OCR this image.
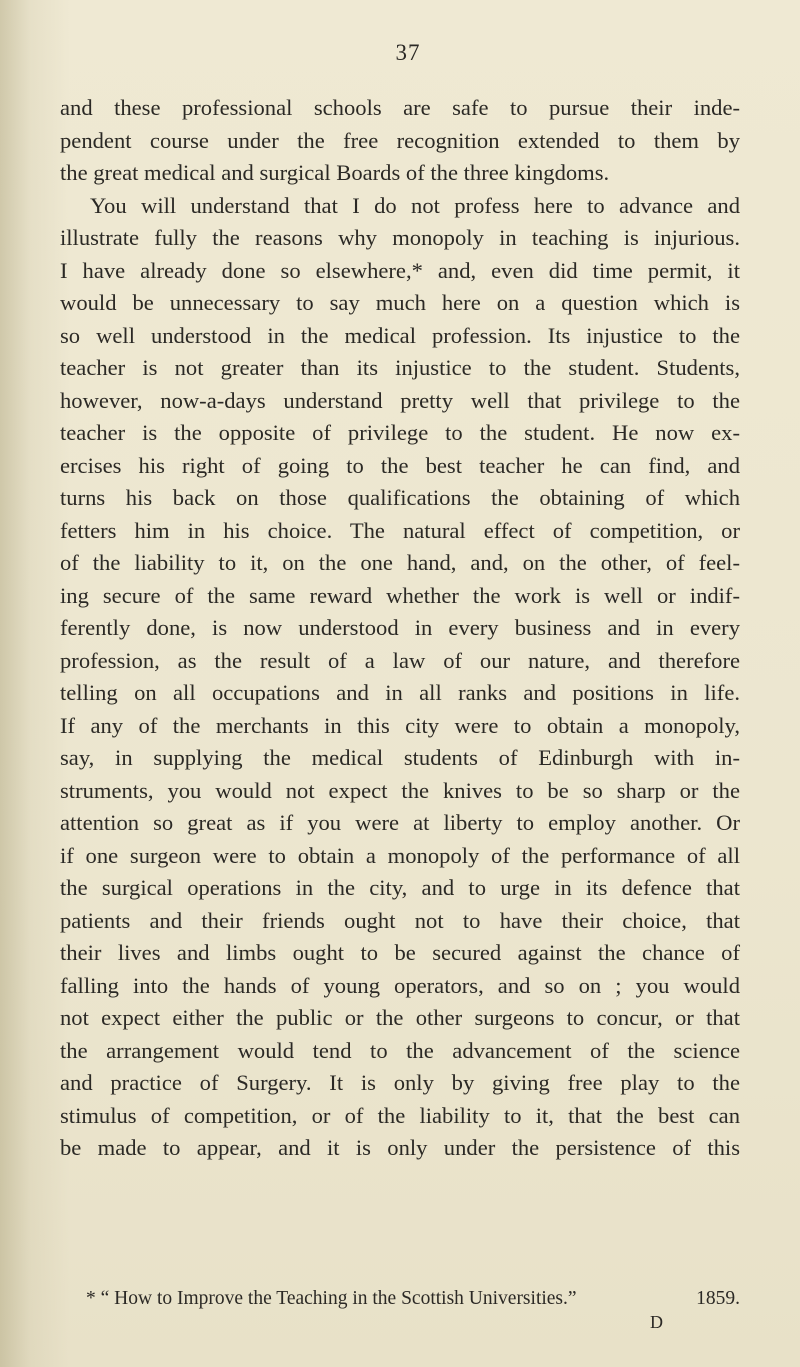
37
and these professional schools are safe to pursue their inde-
pendent course under the free recognition extended to them by
the great medical and surgical Boards of the three kingdoms.
You will understand that I do not profess here to advance and
illustrate fully the reasons why monopoly in teaching is injurious.
I have already done so elsewhere,* and, even did time permit, it
would be unnecessary to say much here on a question which is
so well understood in the medical profession. Its injustice to the
teacher is not greater than its injustice to the student. Students,
however, now-a-days understand pretty well that privilege to the
teacher is the opposite of privilege to the student. He now ex-
ercises his right of going to the best teacher he can find, and
turns his back on those qualifications the obtaining of which
fetters him in his choice. The natural effect of competition, or
of the liability to it, on the one hand, and, on the other, of feel-
ing secure of the same reward whether the work is well or indif-
ferently done, is now understood in every business and in every
profession, as the result of a law of our nature, and therefore
telling on all occupations and in all ranks and positions in life.
If any of the merchants in this city were to obtain a monopoly,
say, in supplying the medical students of Edinburgh with in-
struments, you would not expect the knives to be so sharp or the
attention so great as if you were at liberty to employ another. Or
if one surgeon were to obtain a monopoly of the performance of all
the surgical operations in the city, and to urge in its defence that
patients and their friends ought not to have their choice, that
their lives and limbs ought to be secured against the chance of
falling into the hands of young operators, and so on ; you would
not expect either the public or the other surgeons to concur, or that
the arrangement would tend to the advancement of the science
and practice of Surgery. It is only by giving free play to the
stimulus of competition, or of the liability to it, that the best can
be made to appear, and it is only under the persistence of this
* “ How to Improve the Teaching in the Scottish Universities.”	1859.
D
